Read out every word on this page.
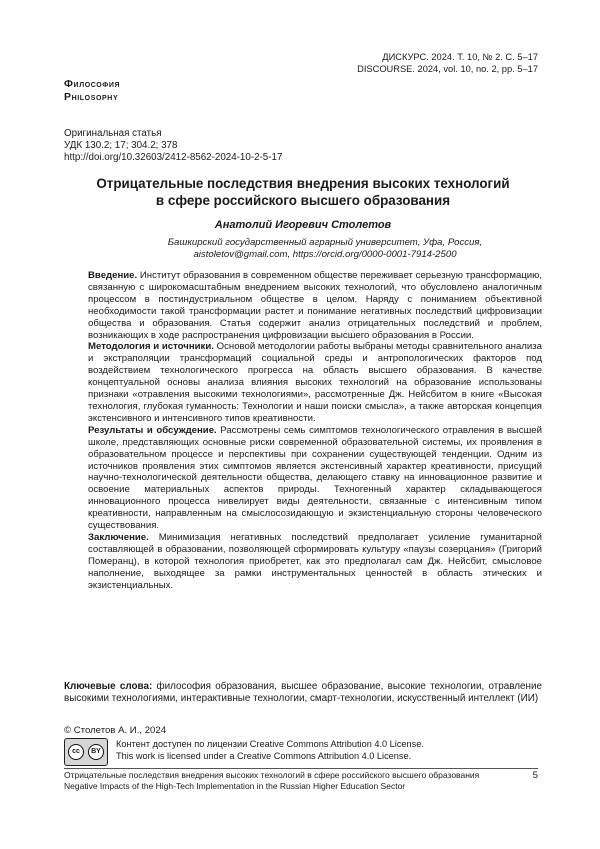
ДИСКУРС. 2024. Т. 10, № 2. С. 5–17
DISCOURSE. 2024, vol. 10, no. 2, pp. 5–17
Философия
Philosophy
Оригинальная статья
УДК 130.2; 17; 304.2; 378
http://doi.org/10.32603/2412-8562-2024-10-2-5-17
Отрицательные последствия внедрения высоких технологий
в сфере российского высшего образования
Анатолий Игоревич Столетов
Башкирский государственный аграрный университет, Уфа, Россия,
aistoletov@gmail.com, https://orcid.org/0000-0001-7914-2500

Введение. Институт образования в современном обществе переживает серьезную трансформацию, связанную с широкомасштабным внедрением высоких технологий, что обусловлено аналогичным процессом в постиндустриальном обществе в целом. Наряду с пониманием объективной необходимости такой трансформации растет и понимание негативных последствий цифровизации общества и образования. Статья содержит анализ отрицательных последствий и проблем, возникающих в ходе распространения цифровизации высшего образования в России.

Методология и источники. Основой методологии работы выбраны методы сравнительного анализа и экстраполяции трансформаций социальной среды и антропологических факторов под воздействием технологического прогресса на область высшего образования. В качестве концептуальной основы анализа влияния высоких технологий на образование использованы признаки «отравления высокими технологиями», рассмотренные Дж. Нейсбитом в книге «Высокая технология, глубокая гуманность: Технологии и наши поиски смысла», а также авторская концепция экстенсивного и интенсивного типов креативности.

Результаты и обсуждение. Рассмотрены семь симптомов технологического отравления в высшей школе, представляющих основные риски современной образовательной системы, их проявления в образовательном процессе и перспективы при сохранении существующей тенденции. Одним из источников проявления этих симптомов является экстенсивный характер креативности, присущий научно-технологической деятельности общества, делающего ставку на инновационное развитие и освоение материальных аспектов природы. Техногенный характер складывающегося инновационного процесса нивелирует виды деятельности, связанные с интенсивным типом креативности, направленным на смыслосозидающую и экзистенциальную стороны человеческого существования.

Заключение. Минимизация негативных последствий предполагает усиление гуманитарной составляющей в образовании, позволяющей сформировать культуру «паузы созерцания» (Григорий Померанц), в которой технология приобретет, как это предполагал сам Дж. Нейсбит, смысловое наполнение, выходящее за рамки инструментальных ценностей в область этических и экзистенциальных.

Ключевые слова: философия образования, высшее образование, высокие технологии, отравление высокими технологиями, интерактивные технологии, смарт-технологии, искусственный интеллект (ИИ)
© Столетов А. И., 2024
cc	BY
Контент доступен по лицензии Creative Commons Attribution 4.0 License.
This work is licensed under a Creative Commons Attribution 4.0 License.
Отрицательные последствия внедрения высоких технологий в сфере российского высшего образования
Negative Impacts of the High-Tech Implementation in the Russian Higher Education Sector
5
